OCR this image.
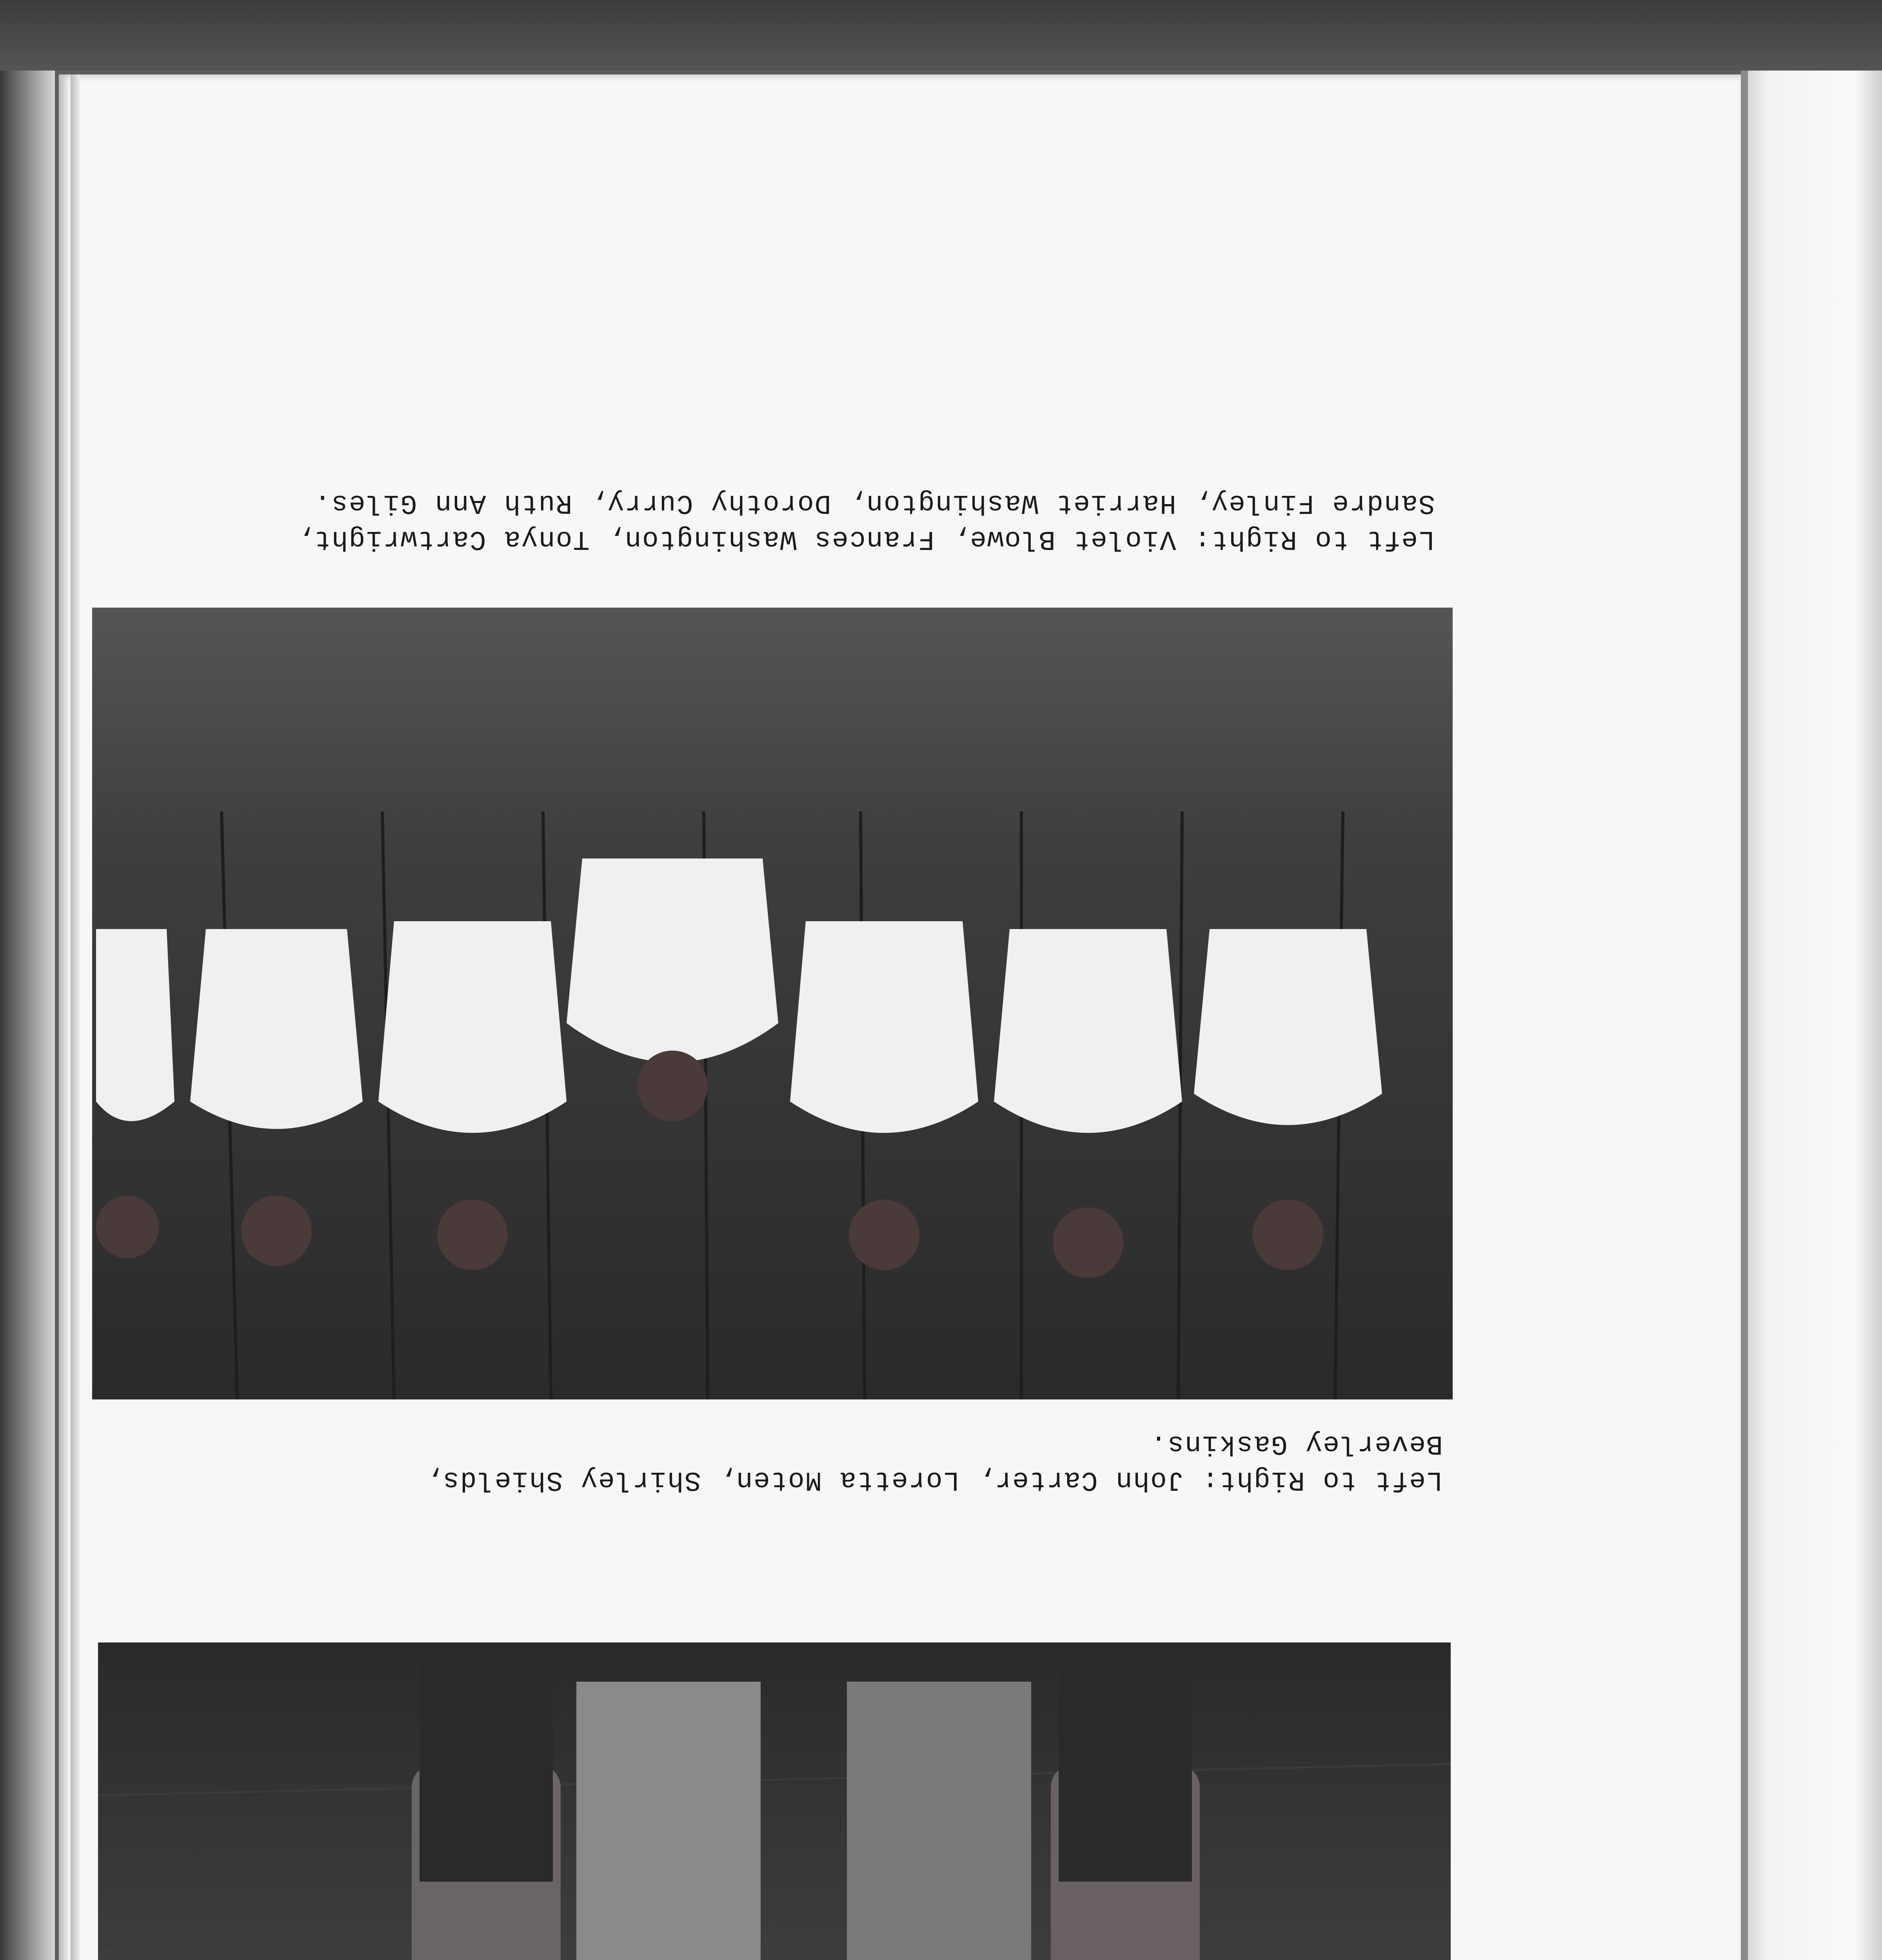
Left to Right: John Carter, Loretta Moten, Shirley Shields,
Beverley Gaskins.
Left to Right: Violet Blowe, Frances Washington, Tonya Cartwright,
Sandre Finley, Harriet Washington, Dorothy Curry, Ruth Ann Giles.
